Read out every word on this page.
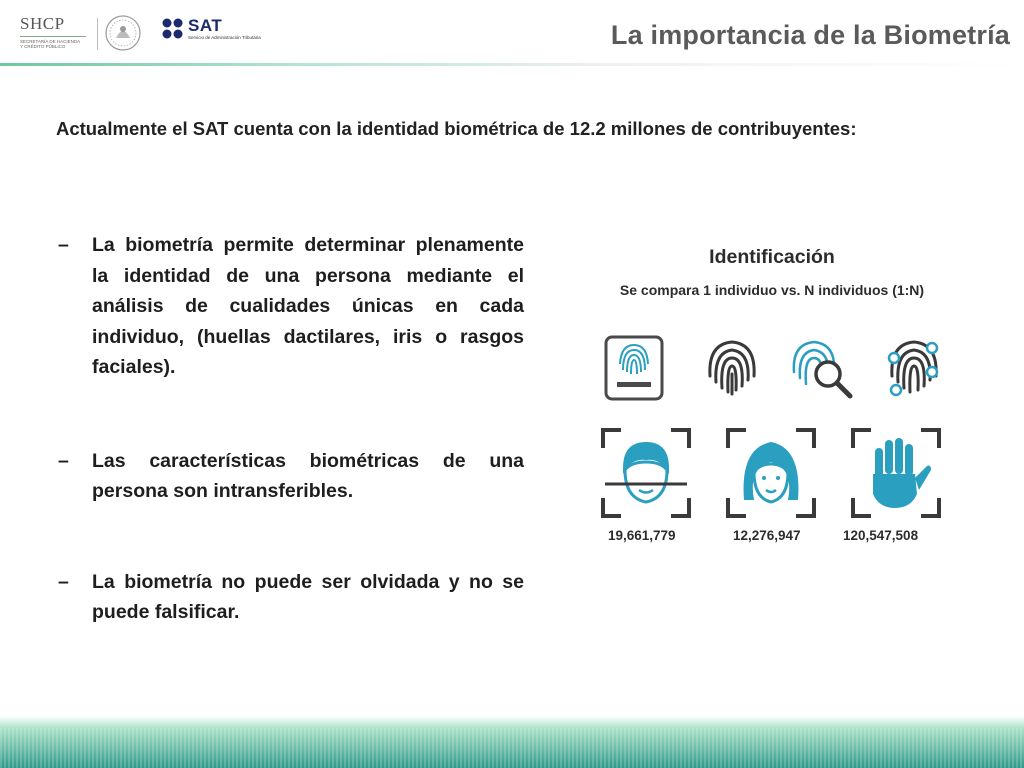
SHCP
SECRETARÍA DE HACIENDA
Y CRÉDITO PÚBLICO
SAT
Servicio de Administración Tributaria	La importancia de la Biometría
Actualmente el SAT cuenta con la identidad biométrica de 12.2 millones de contribuyentes:
– La biometría permite determinar plenamente la identidad de una persona mediante el análisis de cualidades únicas en cada individuo, (huellas dactilares, iris o rasgos faciales).
– Las características biométricas de una persona son intransferibles.
– La biometría no puede ser olvidada y no se puede falsificar.
Identificación
Se compara 1 individuo vs. N individuos (1:N)
19,661,779	12,276,947	120,547,508
